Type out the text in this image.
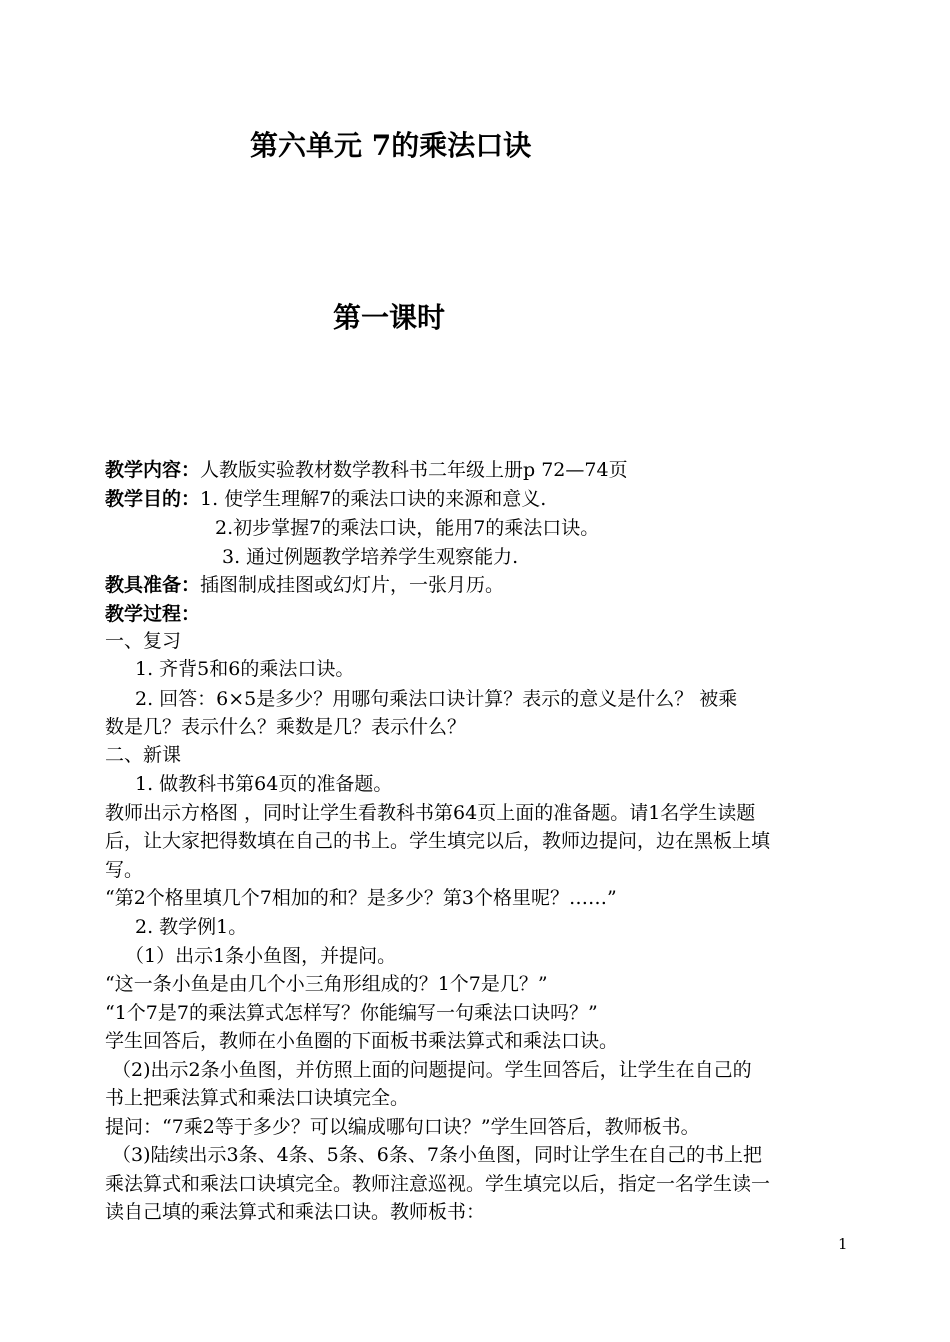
第六单元 7的乘法口诀
第一课时
教学内容：人教版实验教材数学教科书二年级上册p 72—74页
教学目的：1. 使学生理解7的乘法口诀的来源和意义.
2.初步掌握7的乘法口诀，能用7的乘法口诀。
3. 通过例题教学培养学生观察能力.
教具准备：插图制成挂图或幻灯片，一张月历。
教学过程：
一、复习
1. 齐背5和6的乘法口诀。
2. 回答：6×5是多少？用哪句乘法口诀计算？表示的意义是什么？ 被乘
数是几？表示什么？乘数是几？表示什么？
二、新课
1. 做教科书第64页的准备题。
教师出示方格图 ，同时让学生看教科书第64页上面的准备题。请1名学生读题
后，让大家把得数填在自己的书上。学生填完以后，教师边提问，边在黑板上填
写。
“第2个格里填几个7相加的和？是多少？第3个格里呢？……”
2. 教学例1。
（1）出示1条小鱼图，并提问。
“这一条小鱼是由几个小三角形组成的？1个7是几？”
“1个7是7的乘法算式怎样写？你能编写一句乘法口诀吗？”
学生回答后，教师在小鱼圈的下面板书乘法算式和乘法口诀。
（2)出示2条小鱼图，并仿照上面的问题提问。学生回答后，让学生在自己的
书上把乘法算式和乘法口诀填完全。
提问：“7乘2等于多少？可以编成哪句口诀？”学生回答后，教师板书。
（3)陆续出示3条、4条、5条、6条、7条小鱼图，同时让学生在自己的书上把
乘法算式和乘法口诀填完全。教师注意巡视。学生填完以后，指定一名学生读一
读自己填的乘法算式和乘法口诀。教师板书：
1
